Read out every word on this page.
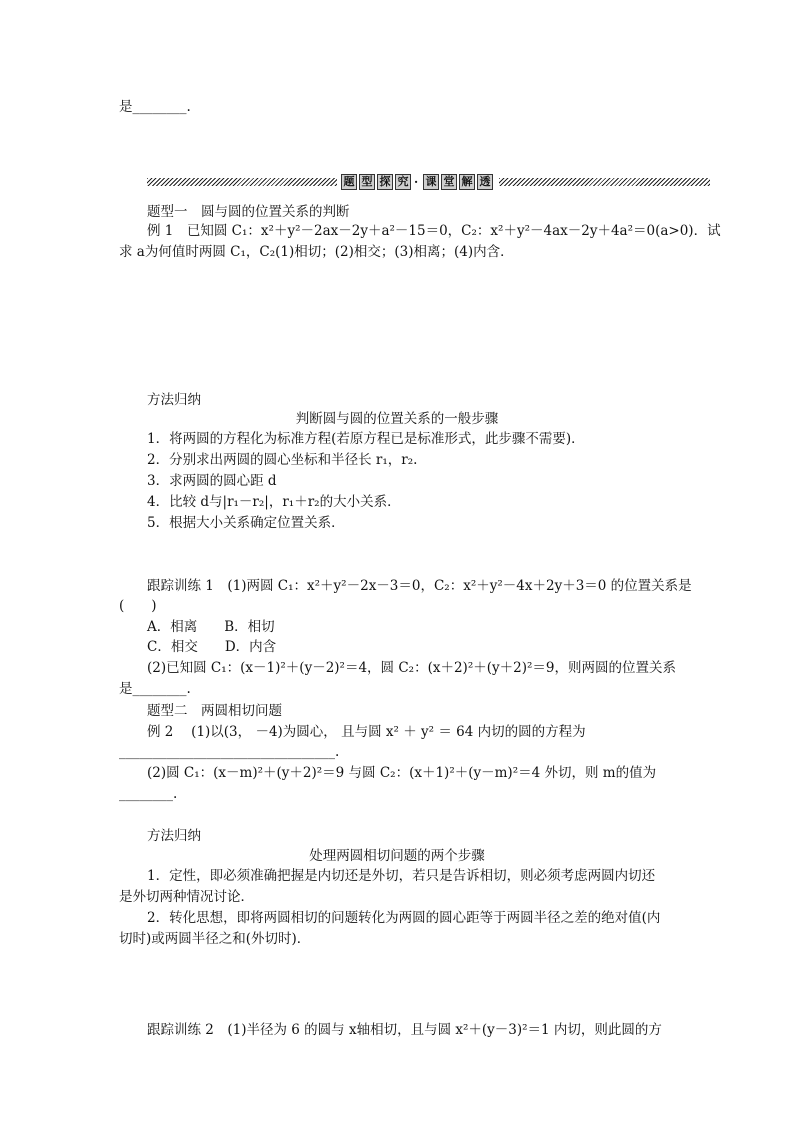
是________.
题 型 探 究 · 课 堂 解 透
题型一　圆与圆的位置关系的判断
例 1　已知圆 C₁：x²＋y²－2ax－2y＋a²－15＝0，C₂：x²＋y²－4ax－2y＋4a²＝0(a>0)．试
求 a为何值时两圆 C₁，C₂(1)相切；(2)相交；(3)相离；(4)内含．
方法归纳
判断圆与圆的位置关系的一般步骤
1．将两圆的方程化为标准方程(若原方程已是标准形式，此步骤不需要)．
2．分别求出两圆的圆心坐标和半径长 r₁，r₂.
3．求两圆的圆心距 d
4．比较 d与|r₁－r₂|，r₁＋r₂的大小关系．
5．根据大小关系确定位置关系．
跟踪训练 1　(1)两圆 C₁：x²＋y²－2x－3＝0，C₂：x²＋y²－4x＋2y＋3＝0 的位置关系是
(　　)
A．相离　　B．相切
C．相交　　D．内含
(2)已知圆 C₁：(x－1)²＋(y－2)²＝4，圆 C₂：(x＋2)²＋(y＋2)²＝9，则两圆的位置关系
是________.
题型二　两圆相切问题
例 2　 (1)以(3， －4)为圆心， 且与圆 x² ＋ y² ＝ 64 内切的圆的方程为
________________________________.
(2)圆 C₁：(x－m)²＋(y＋2)²＝9 与圆 C₂：(x＋1)²＋(y－m)²＝4 外切，则 m的值为
________.
方法归纳
处理两圆相切问题的两个步骤
1．定性，即必须准确把握是内切还是外切，若只是告诉相切，则必须考虑两圆内切还
是外切两种情况讨论．
2．转化思想，即将两圆相切的问题转化为两圆的圆心距等于两圆半径之差的绝对值(内
切时)或两圆半径之和(外切时)．
跟踪训练 2　(1)半径为 6 的圆与 x轴相切，且与圆 x²＋(y－3)²＝1 内切，则此圆的方
